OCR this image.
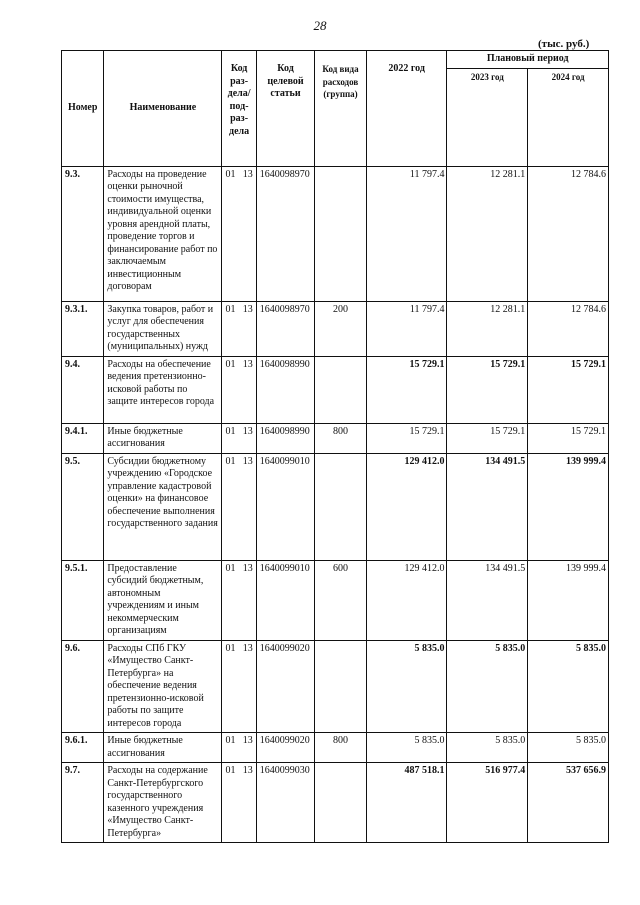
28
(тыс. руб.)
Номер	Наименование	Код раз-дела/ под-раз-дела	Код целевой статьи	Код вида расходов (группа)	2022 год	Плановый период	
						2023 год	2024 год
9.3.	Расходы на проведение оценки рыночной стоимости имущества, индивидуальной оценки уровня арендной платы, проведение торгов и финансирование работ по заключаемым инвестиционным договорам	01 13	1640098970		11 797.4	12 281.1	12 784.6
9.3.1.	Закупка товаров, работ и услуг для обеспечения государственных (муниципальных) нужд	01 13	1640098970	200	11 797.4	12 281.1	12 784.6
9.4.	Расходы на обеспечение ведения претензионно-исковой работы по защите интересов города	01 13	1640098990		15 729.1	15 729.1	15 729.1
9.4.1.	Иные бюджетные ассигнования	01 13	1640098990	800	15 729.1	15 729.1	15 729.1
9.5.	Субсидии бюджетному учреждению «Городское управление кадастровой оценки» на финансовое обеспечение выполнения государственного задания	01 13	1640099010		129 412.0	134 491.5	139 999.4
9.5.1.	Предоставление субсидий бюджетным, автономным учреждениям и иным некоммерческим организациям	01 13	1640099010	600	129 412.0	134 491.5	139 999.4
9.6.	Расходы СПб ГКУ «Имущество Санкт-Петербурга» на обеспечение ведения претензионно-исковой работы по защите интересов города	01 13	1640099020		5 835.0	5 835.0	5 835.0
9.6.1.	Иные бюджетные ассигнования	01 13	1640099020	800	5 835.0	5 835.0	5 835.0
9.7.	Расходы на содержание Санкт-Петербургского государственного казенного учреждения «Имущество Санкт-Петербурга»	01 13	1640099030		487 518.1	516 977.4	537 656.9
